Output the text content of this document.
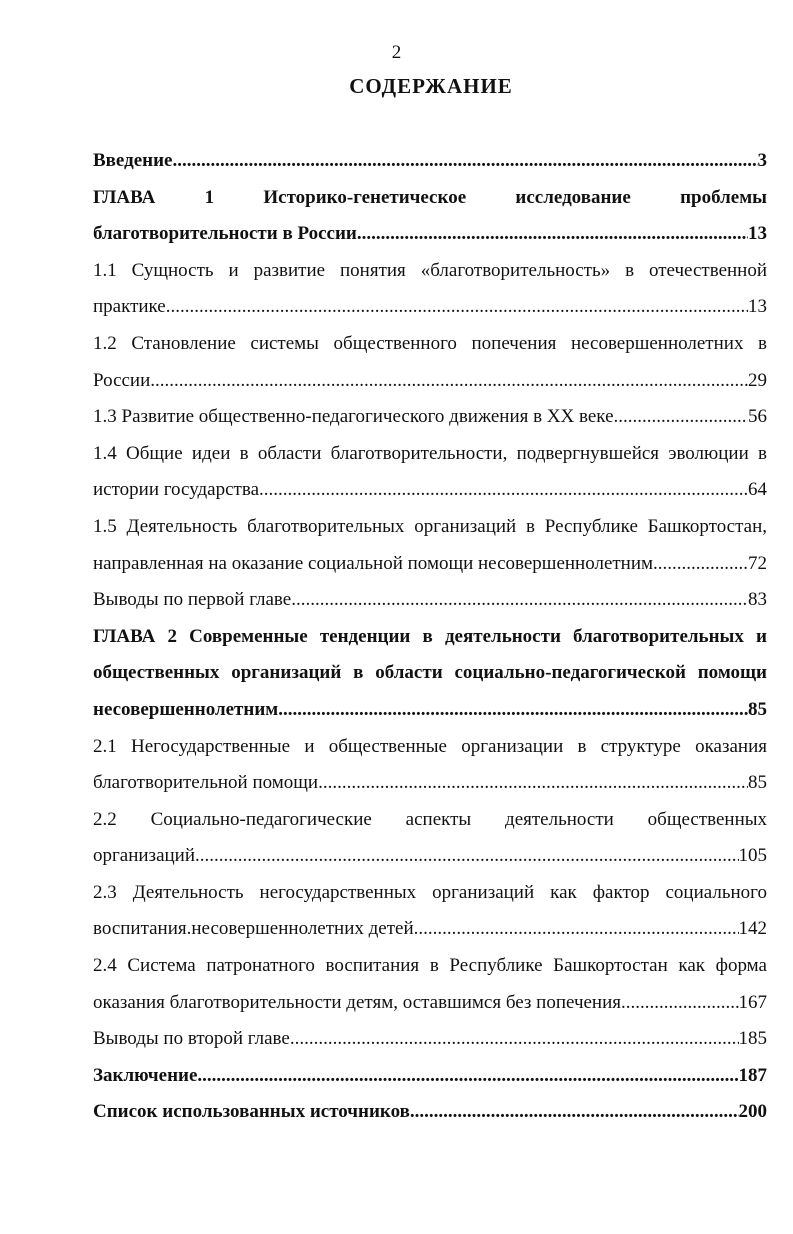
2
СОДЕРЖАНИЕ
Введение .....	3
ГЛАВА 1 Историко-генетическое исследование проблемы
благотворительности в России .....	13
1.1 Сущность и развитие понятия «благотворительность» в отечественной
практике .....	13
1.2 Становление системы общественного попечения несовершеннолетних в
России .....	29
1.3 Развитие общественно-педагогического движения в XX веке .....	56
1.4 Общие идеи в области благотворительности, подвергнувшейся эволюции в
истории государства .....	64
1.5 Деятельность благотворительных организаций в Республике Башкортостан,
направленная на оказание социальной помощи несовершеннолетним .....	72
Выводы по первой главе .....	83
ГЛАВА 2 Современные тенденции в деятельности благотворительных и
общественных организаций в области социально-педагогической помощи
несовершеннолетним .....	85
2.1 Негосударственные и общественные организации в структуре оказания
благотворительной помощи .....	85
2.2 Социально-педагогические аспекты деятельности общественных
организаций .....	105
2.3 Деятельность негосударственных организаций как фактор социального
воспитания.несовершеннолетних детей .....	142
2.4 Система патронатного воспитания в Республике Башкортостан как форма
оказания благотворительности детям, оставшимся без попечения .....	167
Выводы по второй главе .....	185
Заключение .....	187
Список использованных источников .....	200
